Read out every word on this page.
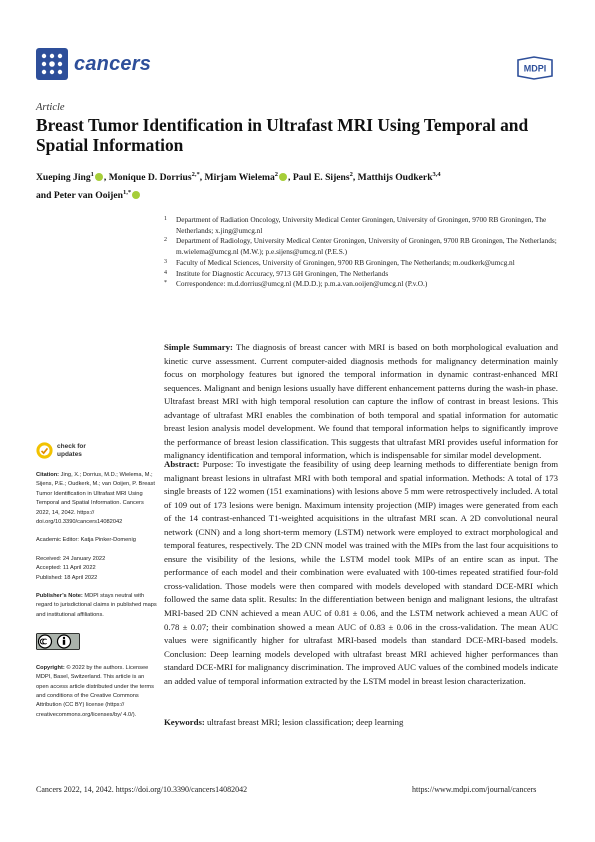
cancers	MDPI
Article
Breast Tumor Identification in Ultrafast MRI Using Temporal and Spatial Information
Xueping Jing$^1$ , Monique D. Dorrius$^{2,*}$, Mirjam Wielema$^2$ , Paul E. Sijens$^2$, Matthijs Oudkerk$^{3,4}$
and Peter van Ooijen$^{1,*}$
1	Department of Radiation Oncology, University Medical Center Groningen, University of Groningen, 9700 RB Groningen, The Netherlands; x.jing@umcg.nl
2	Department of Radiology, University Medical Center Groningen, University of Groningen, 9700 RB Groningen, The Netherlands; m.wielema@umcg.nl (M.W.); p.e.sijens@umcg.nl (P.E.S.)
3	Faculty of Medical Sciences, University of Groningen, 9700 RB Groningen, The Netherlands; m.oudkerk@umcg.nl
4	Institute for Diagnostic Accuracy, 9713 GH Groningen, The Netherlands
*	Correspondence: m.d.dorrius@umcg.nl (M.D.D.); p.m.a.van.ooijen@umcg.nl (P.v.O.)
Simple Summary: The diagnosis of breast cancer with MRI is based on both morphological evaluation and kinetic curve assessment. Current computer-aided diagnosis methods for malignancy determination mainly focus on morphology features but ignored the temporal information in dynamic contrast-enhanced MRI sequences. Malignant and benign lesions usually have different enhancement patterns during the wash-in phase. Ultrafast breast MRI with high temporal resolution can capture the inflow of contrast in breast lesions. This advantage of ultrafast MRI enables the combination of both temporal and spatial information for automatic breast lesion analysis model development. We found that temporal information helps to significantly improve the performance of breast lesion classification. This suggests that ultrafast MRI provides useful information for malignancy identification and temporal information, which is indispensable for similar model development.
Abstract: Purpose: To investigate the feasibility of using deep learning methods to differentiate benign from malignant breast lesions in ultrafast MRI with both temporal and spatial information. Methods: A total of 173 single breasts of 122 women (151 examinations) with lesions above 5 mm were retrospectively included. A total of 109 out of 173 lesions were benign. Maximum intensity projection (MIP) images were generated from each of the 14 contrast-enhanced T1-weighted acquisitions in the ultrafast MRI scan. A 2D convolutional neural network (CNN) and a long short-term memory (LSTM) network were employed to extract morphological and temporal features, respectively. The 2D CNN model was trained with the MIPs from the last four acquisitions to ensure the visibility of the lesions, while the LSTM model took MIPs of an entire scan as input. The performance of each model and their combination were evaluated with 100-times repeated stratified four-fold cross-validation. Those models were then compared with models developed with standard DCE-MRI which followed the same data split. Results: In the differentiation between benign and malignant lesions, the ultrafast MRI-based 2D CNN achieved a mean AUC of 0.81 ± 0.06, and the LSTM network achieved a mean AUC of 0.78 ± 0.07; their combination showed a mean AUC of 0.83 ± 0.06 in the cross-validation. The mean AUC values were significantly higher for ultrafast MRI-based models than standard DCE-MRI-based models. Conclusion: Deep learning models developed with ultrafast breast MRI achieved higher performances than standard DCE-MRI for malignancy discrimination. The improved AUC values of the combined models indicate an added value of temporal information extracted by the LSTM model in breast lesion characterization.
Keywords: ultrafast breast MRI; lesion classification; deep learning
check for
updates
Citation: Jing, X.; Dorrius, M.D.; Wielema, M.; Sijens, P.E.; Oudkerk, M.; van Ooijen, P. Breast Tumor Identification in Ultrafast MRI Using Temporal and Spatial Information. Cancers 2022, 14, 2042. https:// doi.org/10.3390/cancers14082042
Academic Editor: Katja Pinker-Domenig
Received: 24 January 2022
Accepted: 11 April 2022
Published: 18 April 2022
Publisher’s Note: MDPI stays neutral with regard to jurisdictional claims in published maps and institutional affiliations.
Copyright: © 2022 by the authors. Licensee MDPI, Basel, Switzerland. This article is an open access article distributed under the terms and conditions of the Creative Commons Attribution (CC BY) license (https:// creativecommons.org/licenses/by/ 4.0/).
Cancers 2022, 14, 2042. https://doi.org/10.3390/cancers14082042	https://www.mdpi.com/journal/cancers
